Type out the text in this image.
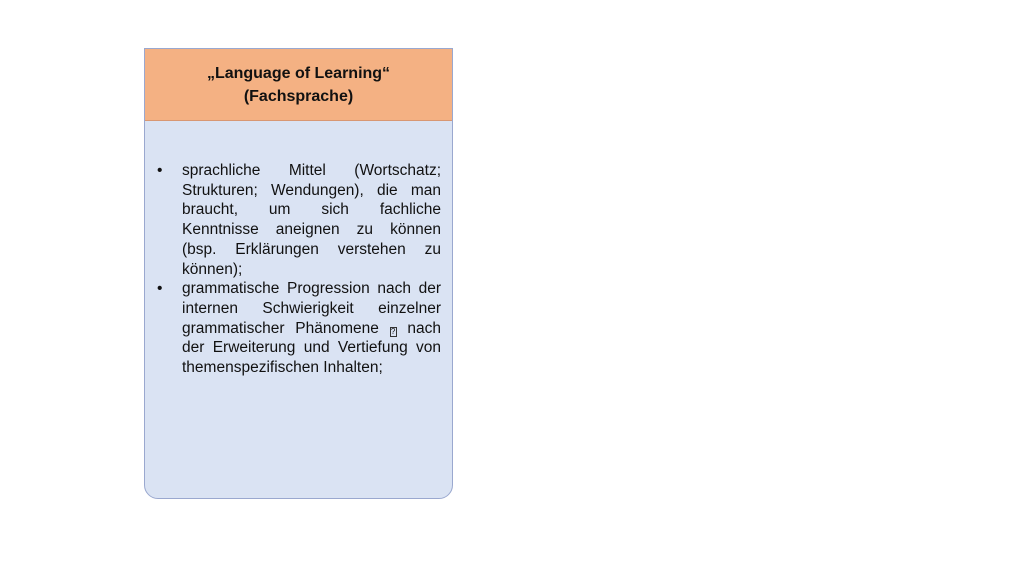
„Language of Learning“
(Fachsprache)
• sprachliche Mittel (Wortschatz; Strukturen; Wendungen), die man braucht, um sich fachliche Kenntnisse aneignen zu können (bsp. Erklärungen verstehen zu können);
• grammatische Progression nach der internen Schwierigkeit einzelner grammatischer Phänomene ? nach der Erweiterung und Vertiefung von themenspezifischen Inhalten;
